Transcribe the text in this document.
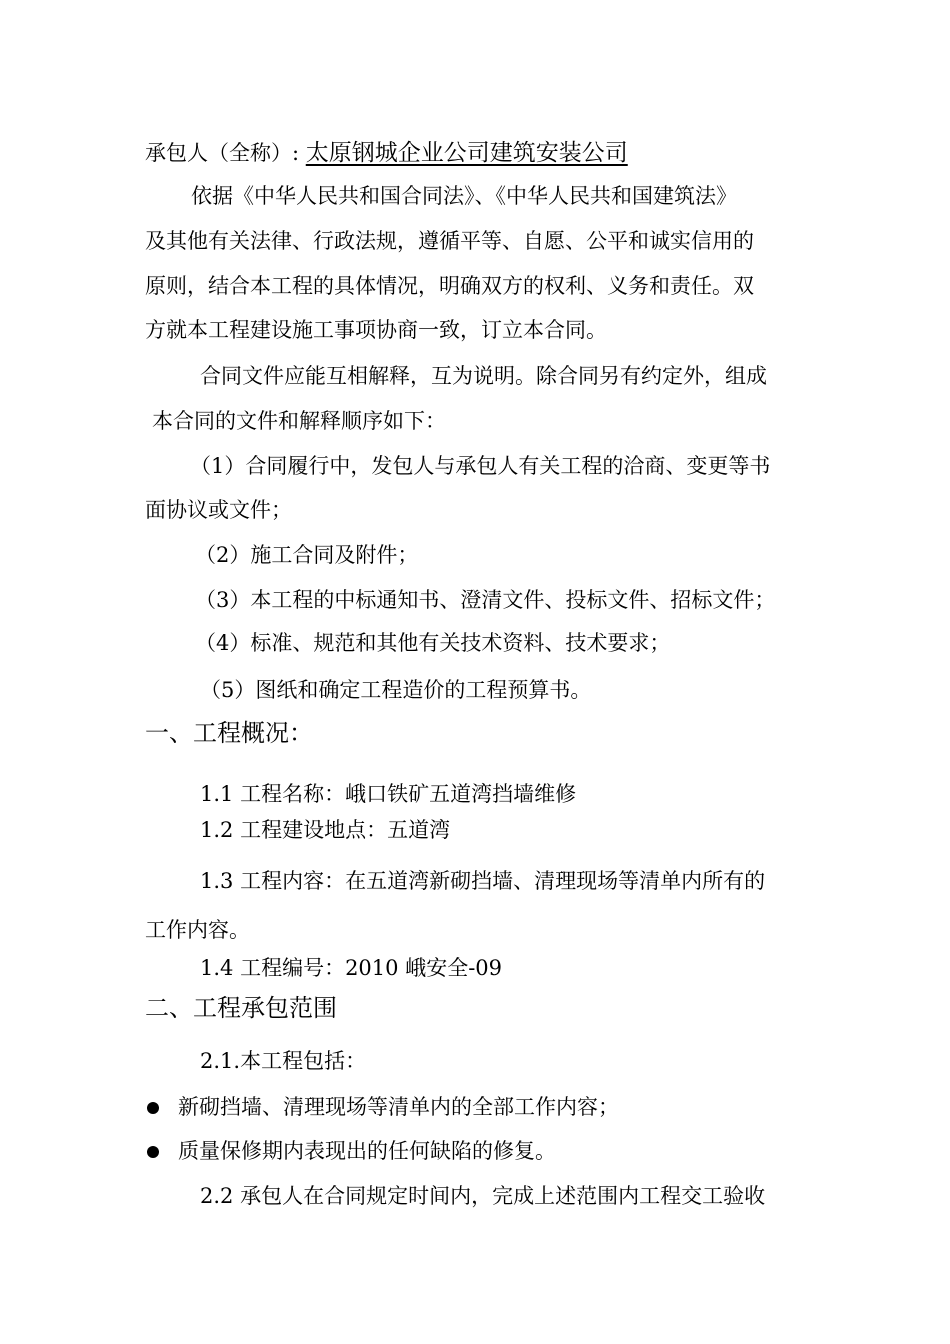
承包人（全称）: 太原钢城企业公司建筑安装公司
依据《中华人民共和国合同法》、《中华人民共和国建筑法》
及其他有关法律、行政法规，遵循平等、自愿、公平和诚实信用的
原则，结合本工程的具体情况，明确双方的权利、义务和责任。双
方就本工程建设施工事项协商一致，订立本合同。
合同文件应能互相解释，互为说明。除合同另有约定外，组成
本合同的文件和解释顺序如下：
（1）合同履行中，发包人与承包人有关工程的洽商、变更等书
面协议或文件；
（2）施工合同及附件；
（3）本工程的中标通知书、澄清文件、投标文件、招标文件；
（4）标准、规范和其他有关技术资料、技术要求；
（5）图纸和确定工程造价的工程预算书。
一、工程概况：
1.1 工程名称：峨口铁矿五道湾挡墙维修
1.2 工程建设地点：五道湾
1.3 工程内容：在五道湾新砌挡墙、清理现场等清单内所有的
工作内容。
1.4 工程编号：2010 峨安全-09
二、工程承包范围
2.1.本工程包括：
新砌挡墙、清理现场等清单内的全部工作内容；
质量保修期内表现出的任何缺陷的修复。
2.2 承包人在合同规定时间内，完成上述范围内工程交工验收
